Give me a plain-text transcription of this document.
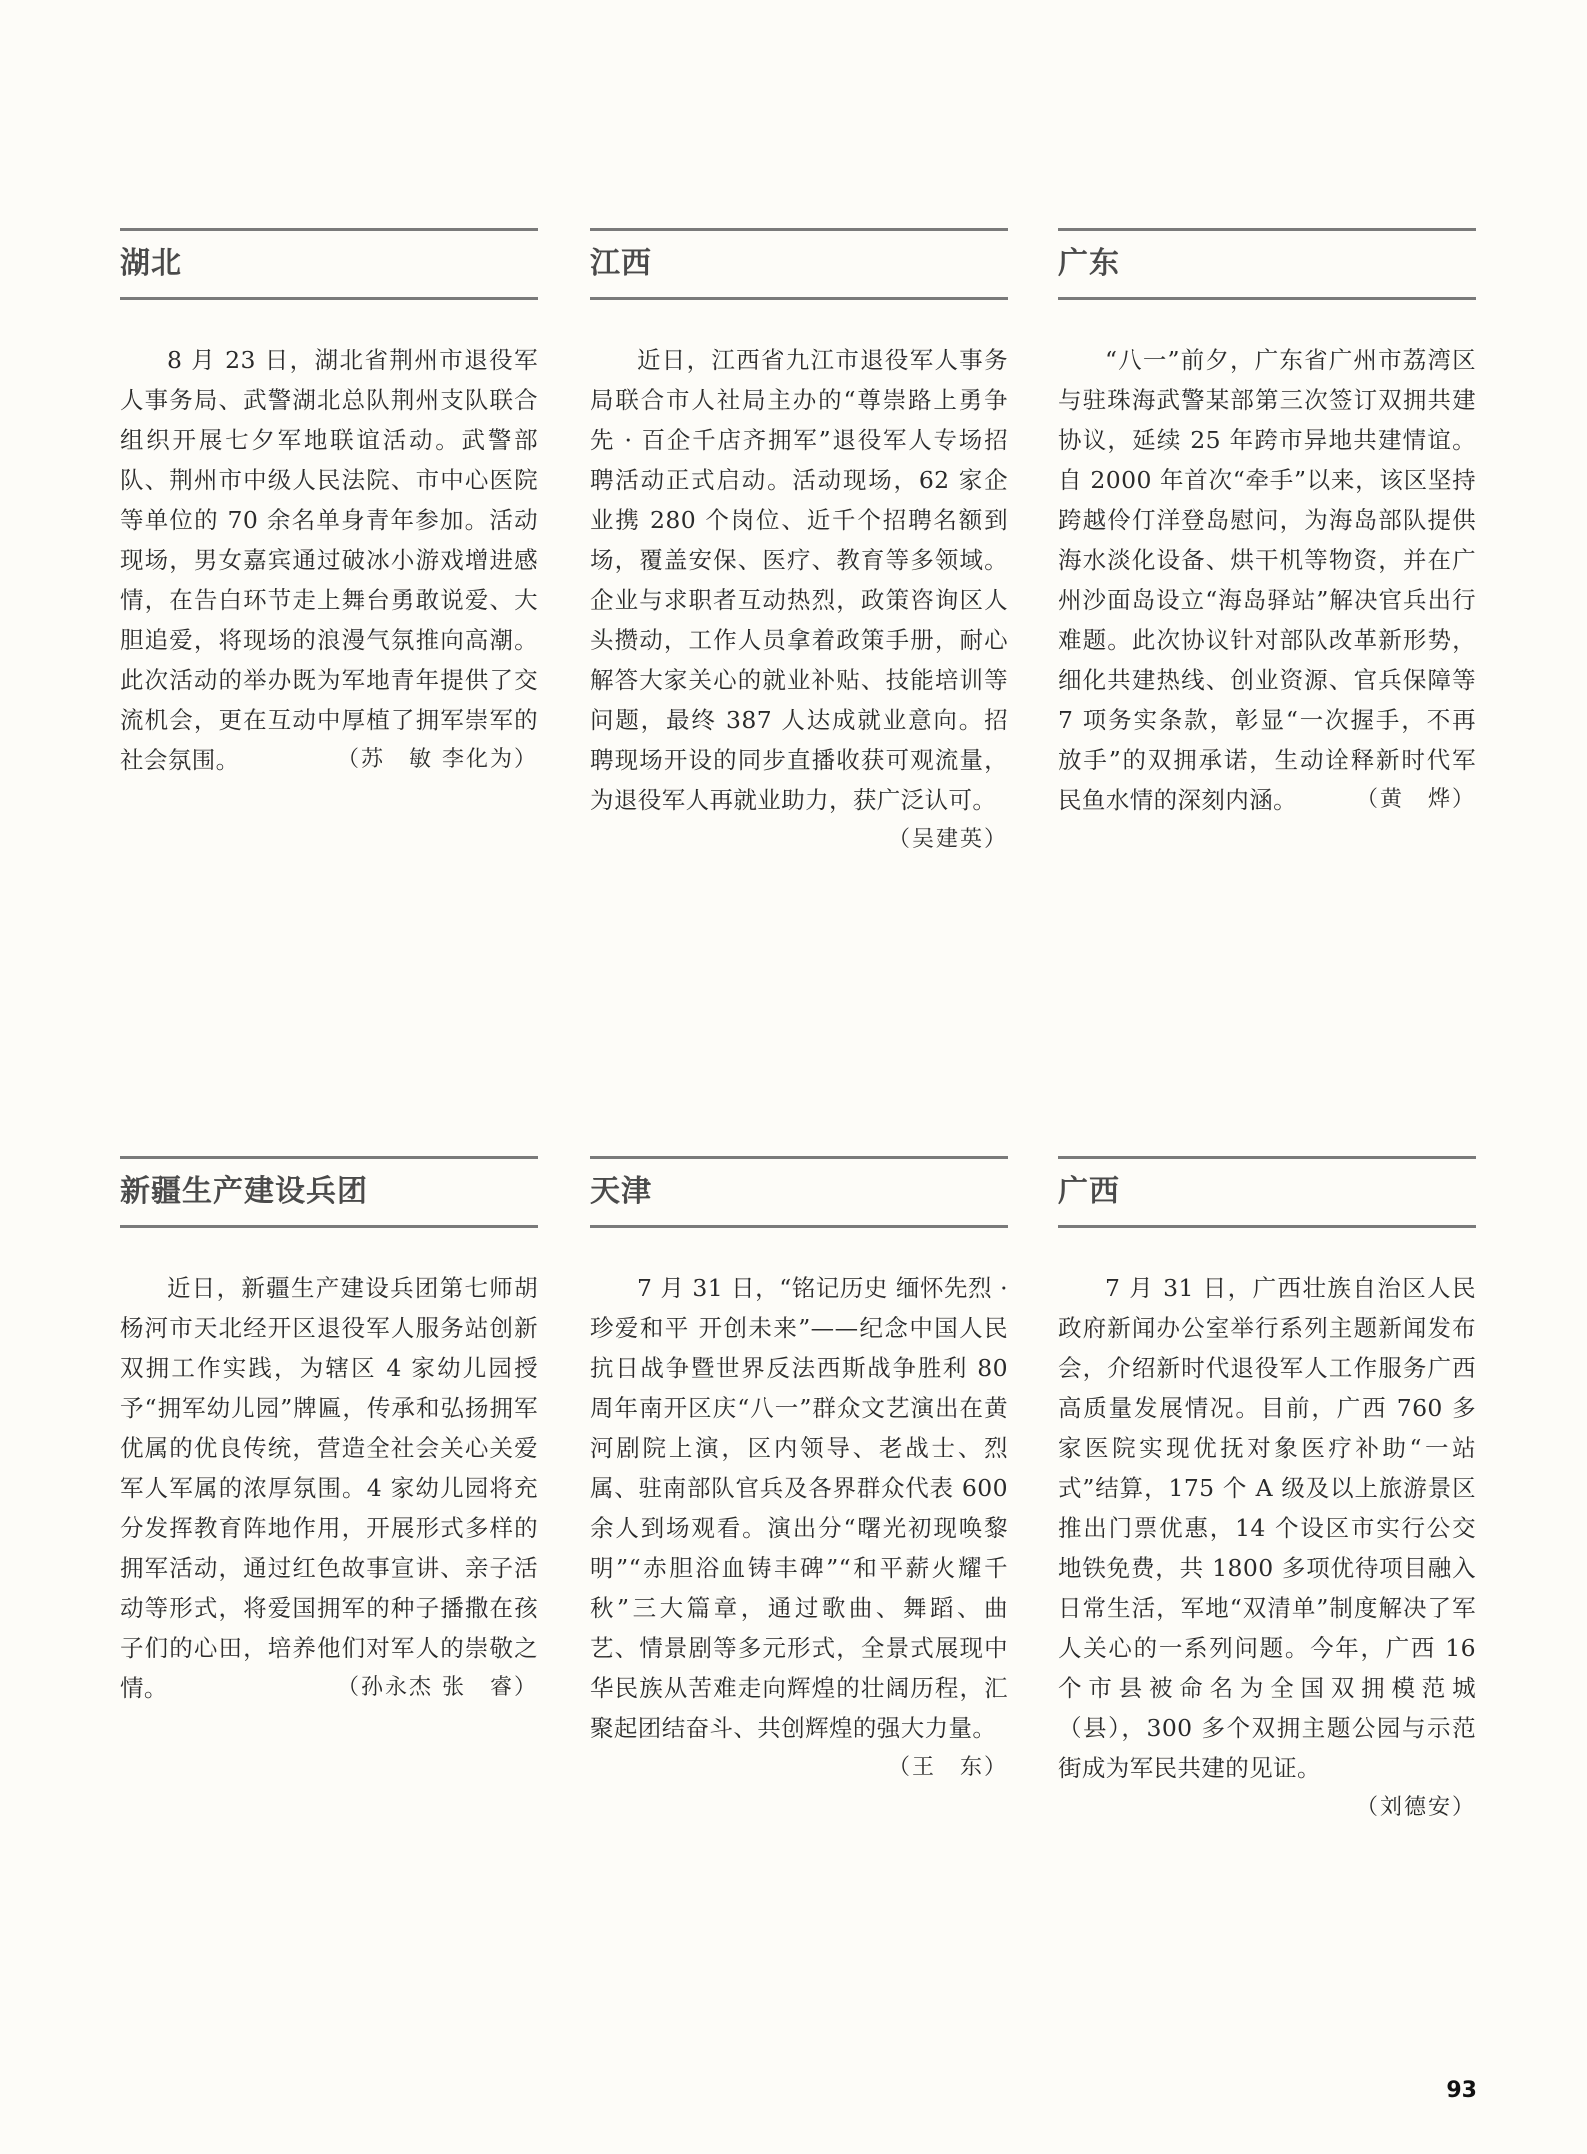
湖北
8 月 23 日，湖北省荆州市退役军人事务局、武警湖北总队荆州支队联合组织开展七夕军地联谊活动。武警部队、荆州市中级人民法院、市中心医院等单位的 70 余名单身青年参加。活动现场，男女嘉宾通过破冰小游戏增进感情，在告白环节走上舞台勇敢说爱、大胆追爱，将现场的浪漫气氛推向高潮。此次活动的举办既为军地青年提供了交流机会，更在互动中厚植了拥军崇军的社会氛围。	（苏　敏 李化为）
江西
近日，江西省九江市退役军人事务局联合市人社局主办的“尊崇路上勇争先 · 百企千店齐拥军”退役军人专场招聘活动正式启动。活动现场，62 家企业携 280 个岗位、近千个招聘名额到场，覆盖安保、医疗、教育等多领域。企业与求职者互动热烈，政策咨询区人头攒动，工作人员拿着政策手册，耐心解答大家关心的就业补贴、技能培训等问题，最终 387 人达成就业意向。招聘现场开设的同步直播收获可观流量，为退役军人再就业助力，获广泛认可。
（吴建英）
广东
“八一”前夕，广东省广州市荔湾区与驻珠海武警某部第三次签订双拥共建协议，延续 25 年跨市异地共建情谊。自 2000 年首次“牵手”以来，该区坚持跨越伶仃洋登岛慰问，为海岛部队提供海水淡化设备、烘干机等物资，并在广州沙面岛设立“海岛驿站”解决官兵出行难题。此次协议针对部队改革新形势，细化共建热线、创业资源、官兵保障等 7 项务实条款，彰显“一次握手，不再放手”的双拥承诺，生动诠释新时代军民鱼水情的深刻内涵。	（黄　烨）
新疆生产建设兵团
近日，新疆生产建设兵团第七师胡杨河市天北经开区退役军人服务站创新双拥工作实践，为辖区 4 家幼儿园授予“拥军幼儿园”牌匾，传承和弘扬拥军优属的优良传统，营造全社会关心关爱军人军属的浓厚氛围。4 家幼儿园将充分发挥教育阵地作用，开展形式多样的拥军活动，通过红色故事宣讲、亲子活动等形式，将爱国拥军的种子播撒在孩子们的心田，培养他们对军人的崇敬之情。	（孙永杰 张　睿）
天津
7 月 31 日，“铭记历史 缅怀先烈 · 珍爱和平 开创未来”——纪念中国人民抗日战争暨世界反法西斯战争胜利 80 周年南开区庆“八一”群众文艺演出在黄河剧院上演，区内领导、老战士、烈属、驻南部队官兵及各界群众代表 600 余人到场观看。演出分“曙光初现唤黎明”“赤胆浴血铸丰碑”“和平薪火耀千秋”三大篇章，通过歌曲、舞蹈、曲艺、情景剧等多元形式，全景式展现中华民族从苦难走向辉煌的壮阔历程，汇聚起团结奋斗、共创辉煌的强大力量。
（王　东）
广西
7 月 31 日，广西壮族自治区人民政府新闻办公室举行系列主题新闻发布会，介绍新时代退役军人工作服务广西高质量发展情况。目前，广西 760 多家医院实现优抚对象医疗补助“一站式”结算，175 个 A 级及以上旅游景区推出门票优惠，14 个设区市实行公交地铁免费，共 1800 多项优待项目融入日常生活，军地“双清单”制度解决了军人关心的一系列问题。今年，广西 16 个市县被命名为全国双拥模范城（县），300 多个双拥主题公园与示范街成为军民共建的见证。
（刘德安）
93
